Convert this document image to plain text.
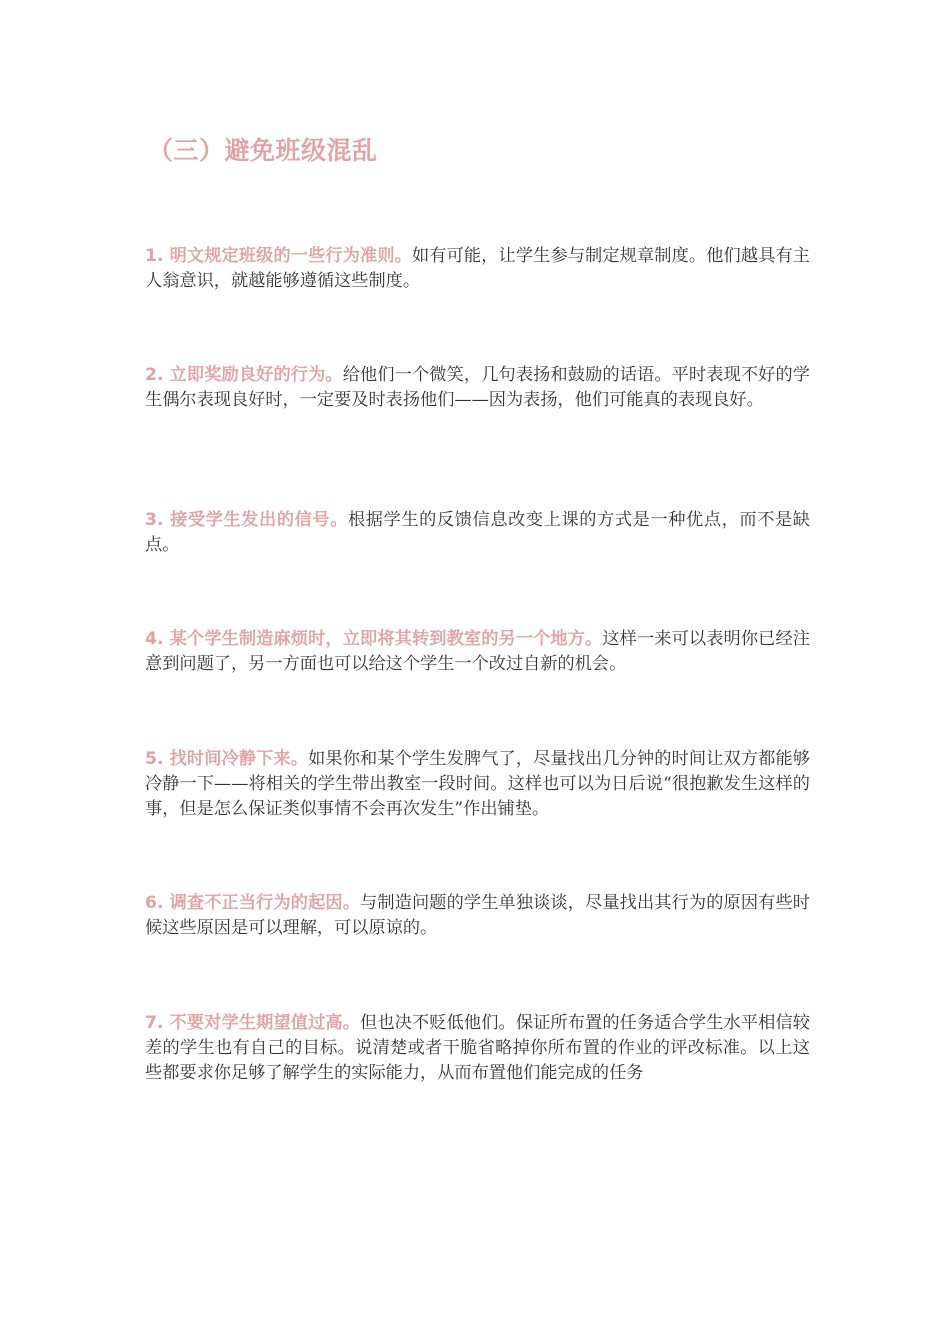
（三）避免班级混乱

1. 明文规定班级的一些行为准则。如有可能，让学生参与制定规章制度。他们越具有主人翁意识，就越能够遵循这些制度。

2. 立即奖励良好的行为。给他们一个微笑，几句表扬和鼓励的话语。平时表现不好的学生偶尔表现良好时，一定要及时表扬他们——因为表扬，他们可能真的表现良好。

3. 接受学生发出的信号。根据学生的反馈信息改变上课的方式是一种优点，而不是缺点。

4. 某个学生制造麻烦时，立即将其转到教室的另一个地方。这样一来可以表明你已经注意到问题了，另一方面也可以给这个学生一个改过自新的机会。

5. 找时间冷静下来。如果你和某个学生发脾气了，尽量找出几分钟的时间让双方都能够冷静一下——将相关的学生带出教室一段时间。这样也可以为日后说“很抱歉发生这样的事，但是怎么保证类似事情不会再次发生”作出铺垫。

6. 调查不正当行为的起因。与制造问题的学生单独谈谈，尽量找出其行为的原因有些时候这些原因是可以理解，可以原谅的。

7. 不要对学生期望值过高。但也决不贬低他们。保证所布置的任务适合学生水平相信较差的学生也有自己的目标。说清楚或者干脆省略掉你所布置的作业的评改标准。以上这些都要求你足够了解学生的实际能力，从而布置他们能完成的任务
